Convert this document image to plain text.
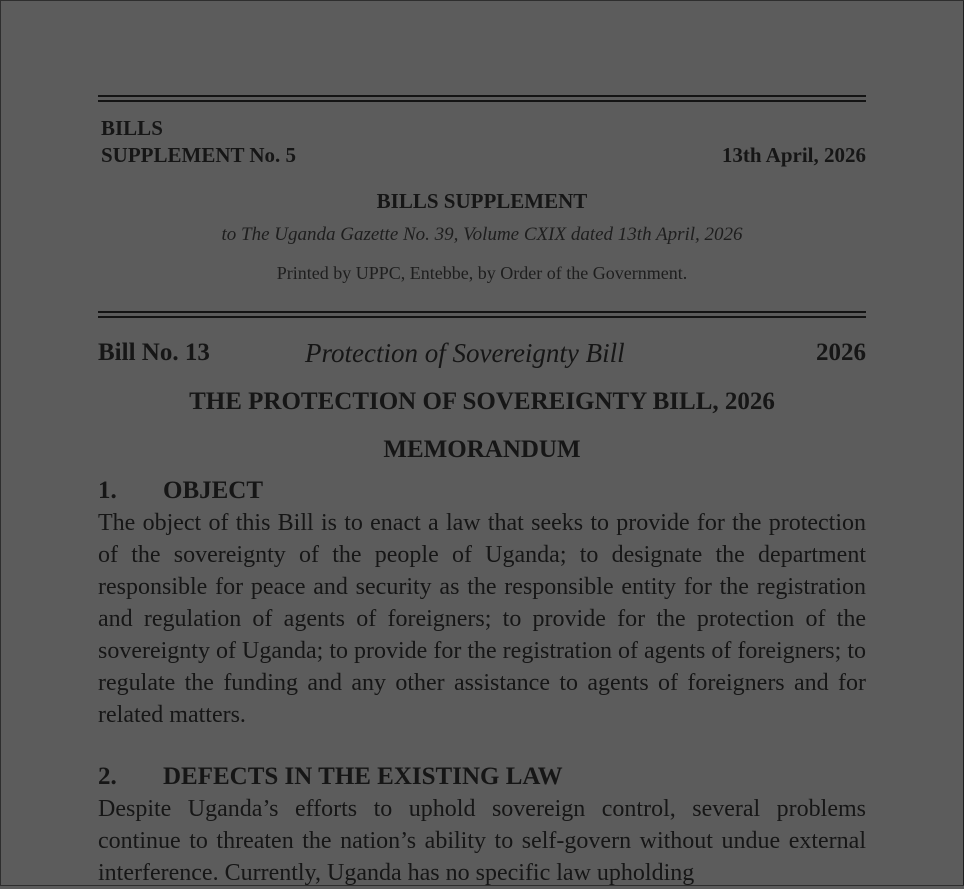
BILLS
SUPPLEMENT No. 5	13th April, 2026
BILLS SUPPLEMENT
to The Uganda Gazette No. 39, Volume CXIX dated 13th April, 2026
Printed by UPPC, Entebbe, by Order of the Government.
Bill No. 13	Protection of Sovereignty Bill	2026
THE PROTECTION OF SOVEREIGNTY BILL, 2026
MEMORANDUM
1.	OBJECT

The object of this Bill is to enact a law that seeks to provide for the protection of the sovereignty of the people of Uganda; to designate the department responsible for peace and security as the responsible entity for the registration and regulation of agents of foreigners; to provide for the protection of the sovereignty of Uganda; to provide for the registration of agents of foreigners; to regulate the funding and any other assistance to agents of foreigners and for related matters.

2.	DEFECTS IN THE EXISTING LAW

Despite Uganda’s efforts to uphold sovereign control, several problems continue to threaten the nation’s ability to self-govern without undue external interference. Currently, Uganda has no specific law upholding
